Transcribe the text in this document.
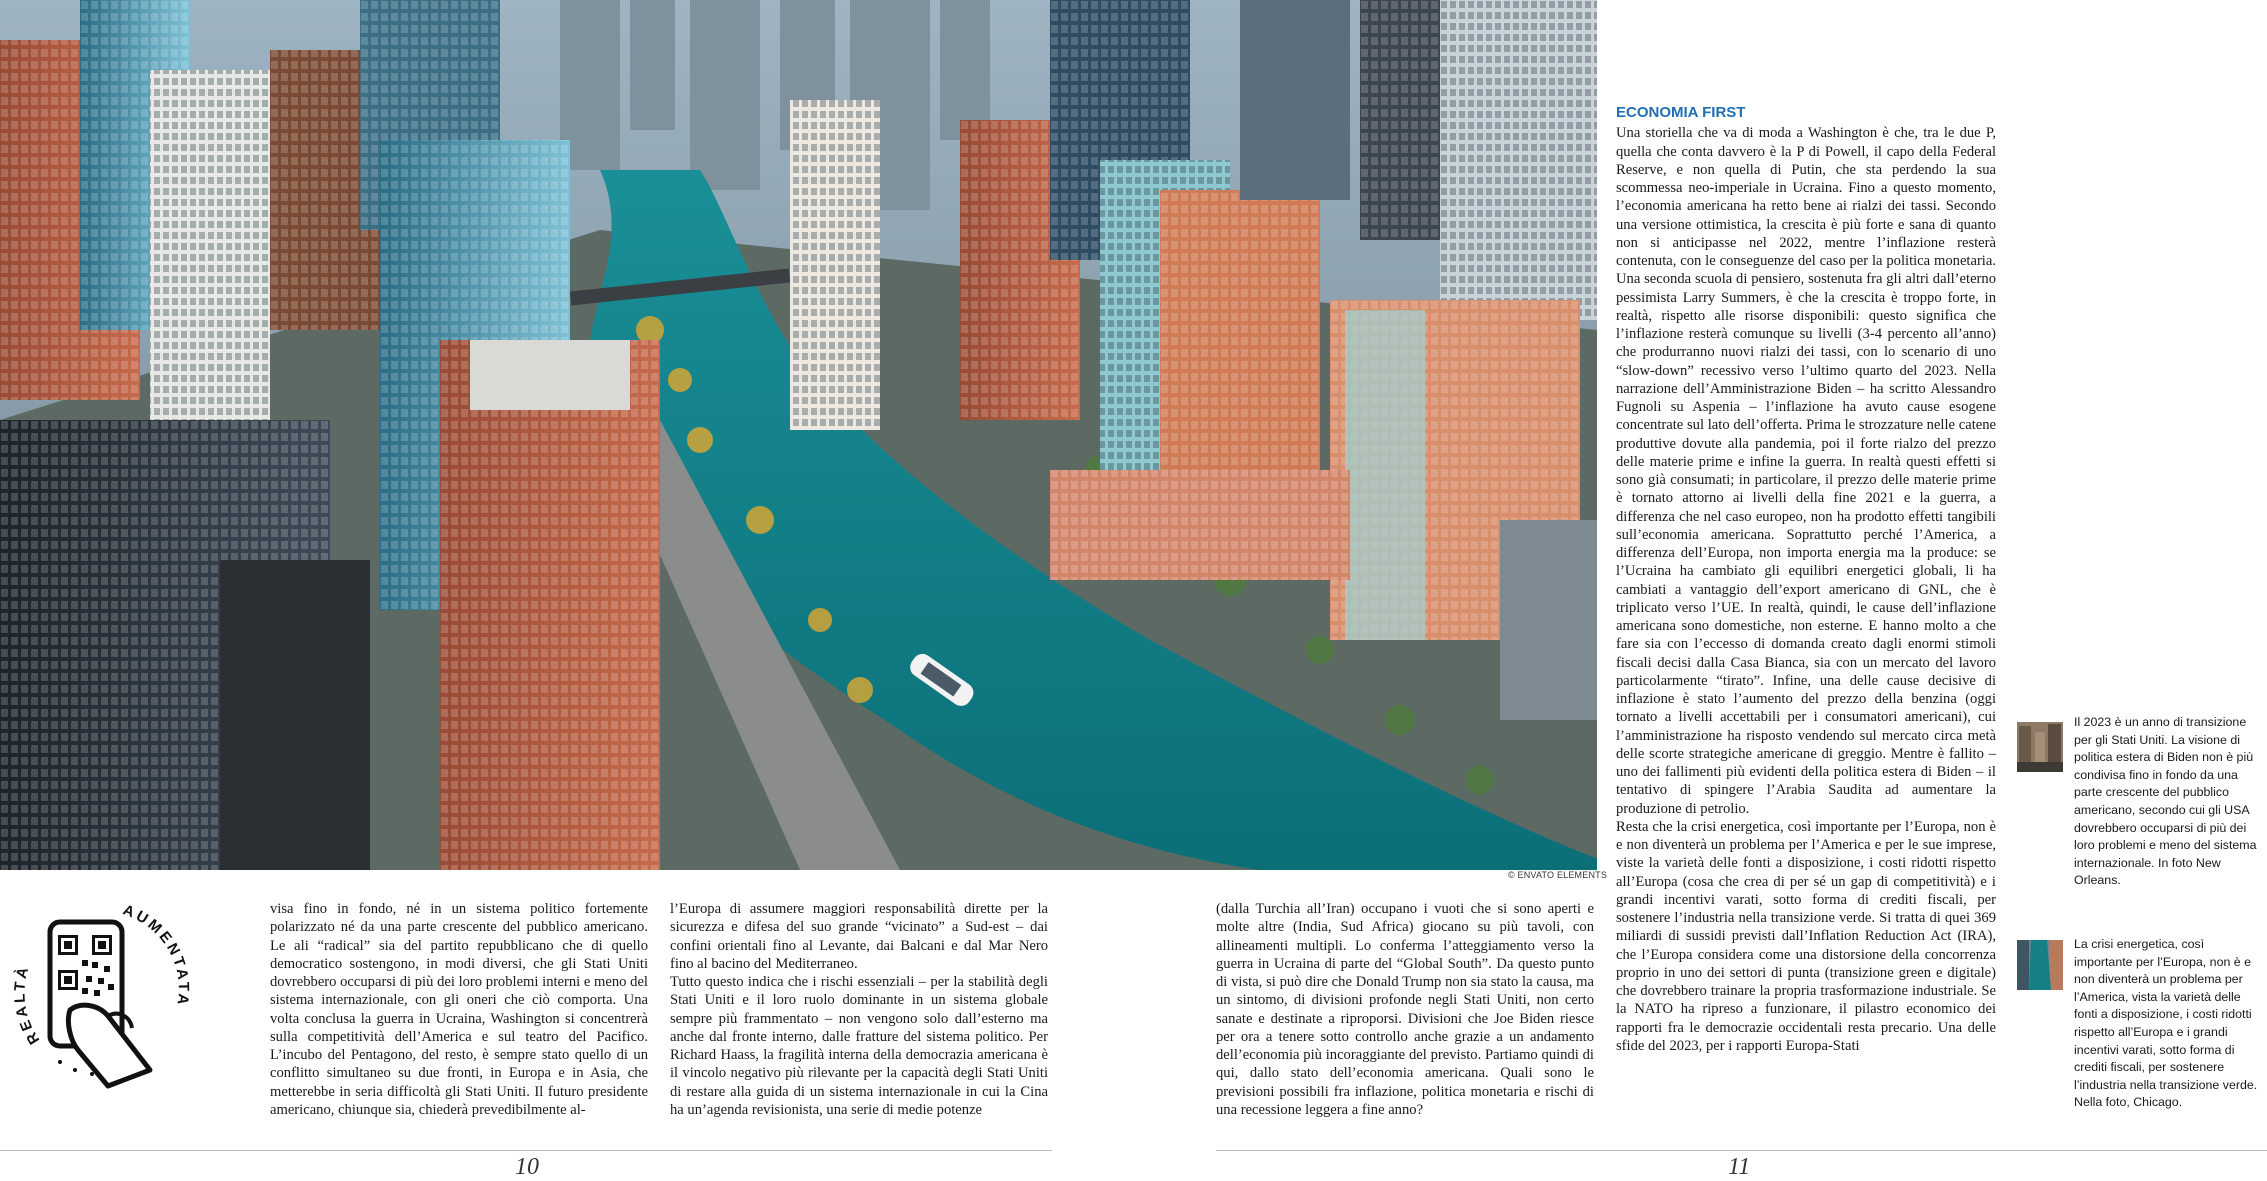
© ENVATO ELEMENTS
REALTÀ
AUMENTATA

visa fino in fondo, né in un sistema politico fortemente polarizzato né da una parte crescente del pubblico americano. Le ali “radical” sia del partito repubblicano che di quello democratico sostengono, in modi diversi, che gli Stati Uniti dovrebbero occuparsi di più dei loro problemi interni e meno del sistema internazionale, con gli oneri che ciò comporta. Una volta conclusa la guerra in Ucraina, Washington si concentrerà sulla competitività dell’America e sul teatro del Pacifico. L’incubo del Pentagono, del resto, è sempre stato quello di un conflitto simultaneo su due fronti, in Europa e in Asia, che metterebbe in seria difficoltà gli Stati Uniti. Il futuro presidente americano, chiunque sia, chiederà prevedibilmente al-

l’Europa di assumere maggiori responsabilità dirette per la sicurezza e difesa del suo grande “vicinato” a Sud-est – dai confini orientali fino al Levante, dai Balcani e dal Mar Nero fino al bacino del Mediterraneo.

Tutto questo indica che i rischi essenziali – per la stabilità degli Stati Uniti e il loro ruolo dominante in un sistema globale sempre più frammentato – non vengono solo dall’esterno ma anche dal fronte interno, dalle fratture del sistema politico. Per Richard Haass, la fragilità interna della democrazia americana è il vincolo negativo più rilevante per la capacità degli Stati Uniti di restare alla guida di un sistema internazionale in cui la Cina ha un’agenda revisionista, una serie di medie potenze

(dalla Turchia all’Iran) occupano i vuoti che si sono aperti e molte altre (India, Sud Africa) giocano su più tavoli, con allineamenti multipli. Lo conferma l’atteggiamento verso la guerra in Ucraina di parte del “Global South”. Da questo punto di vista, si può dire che Donald Trump non sia stato la causa, ma un sintomo, di divisioni profonde negli Stati Uniti, non certo sanate e destinate a riproporsi. Divisioni che Joe Biden riesce per ora a tenere sotto controllo anche grazie a un andamento dell’economia più incoraggiante del previsto. Partiamo quindi di qui, dallo stato dell’economia americana. Quali sono le previsioni possibili fra inflazione, politica monetaria e rischi di una recessione leggera a fine anno?

ECONOMIA FIRST

Una storiella che va di moda a Washington è che, tra le due P, quella che conta davvero è la P di Powell, il capo della Federal Reserve, e non quella di Putin, che sta perdendo la sua scommessa neo-imperiale in Ucraina. Fino a questo momento, l’economia americana ha retto bene ai rialzi dei tassi. Secondo una versione ottimistica, la crescita è più forte e sana di quanto non si anticipasse nel 2022, mentre l’inflazione resterà contenuta, con le conseguenze del caso per la politica monetaria. Una seconda scuola di pensiero, sostenuta fra gli altri dall’eterno pessimista Larry Summers, è che la crescita è troppo forte, in realtà, rispetto alle risorse disponibili: questo significa che l’inflazione resterà comunque su livelli (3-4 percento all’anno) che produrranno nuovi rialzi dei tassi, con lo scenario di uno “slow-down” recessivo verso l’ultimo quarto del 2023. Nella narrazione dell’Amministrazione Biden – ha scritto Alessandro Fugnoli su Aspenia – l’inflazione ha avuto cause esogene concentrate sul lato dell’offerta. Prima le strozzature nelle catene produttive dovute alla pandemia, poi il forte rialzo del prezzo delle materie prime e infine la guerra. In realtà questi effetti si sono già consumati; in particolare, il prezzo delle materie prime è tornato attorno ai livelli della fine 2021 e la guerra, a differenza che nel caso europeo, non ha prodotto effetti tangibili sull’economia americana. Soprattutto perché l’America, a differenza dell’Europa, non importa energia ma la produce: se l’Ucraina ha cambiato gli equilibri energetici globali, li ha cambiati a vantaggio dell’export americano di GNL, che è triplicato verso l’UE. In realtà, quindi, le cause dell’inflazione americana sono domestiche, non esterne. E hanno molto a che fare sia con l’eccesso di domanda creato dagli enormi stimoli fiscali decisi dalla Casa Bianca, sia con un mercato del lavoro particolarmente “tirato”. Infine, una delle cause decisive di inflazione è stato l’aumento del prezzo della benzina (oggi tornato a livelli accettabili per i consumatori americani), cui l’amministrazione ha risposto vendendo sul mercato circa metà delle scorte strategiche americane di greggio. Mentre è fallito – uno dei fallimenti più evidenti della politica estera di Biden – il tentativo di spingere l’Arabia Saudita ad aumentare la produzione di petrolio.

Resta che la crisi energetica, così importante per l’Europa, non è e non diventerà un problema per l’America e per le sue imprese, viste la varietà delle fonti a disposizione, i costi ridotti rispetto all’Europa (cosa che crea di per sé un gap di competitività) e i grandi incentivi varati, sotto forma di crediti fiscali, per sostenere l’industria nella transizione verde. Si tratta di quei 369 miliardi di sussidi previsti dall’Inflation Reduction Act (IRA), che l’Europa considera come una distorsione della concorrenza proprio in uno dei settori di punta (transizione green e digitale) che dovrebbero trainare la propria trasformazione industriale. Se la NATO ha ripreso a funzionare, il pilastro economico dei rapporti fra le democrazie occidentali resta precario. Una delle sfide del 2023, per i rapporti Europa-Stati

Il 2023 è un anno di transizione per gli Stati Uniti. La visione di politica estera di Biden non è più condivisa fino in fondo da una parte crescente del pubblico americano, secondo cui gli USA dovrebbero occuparsi di più dei loro problemi e meno del sistema internazionale. In foto New Orleans.
La crisi energetica, così importante per l’Europa, non è e non diventerà un problema per l’America, vista la varietà delle fonti a disposizione, i costi ridotti rispetto all’Europa e i grandi incentivi varati, sotto forma di crediti fiscali, per sostenere l’industria nella transizione verde. Nella foto, Chicago.
10	11
